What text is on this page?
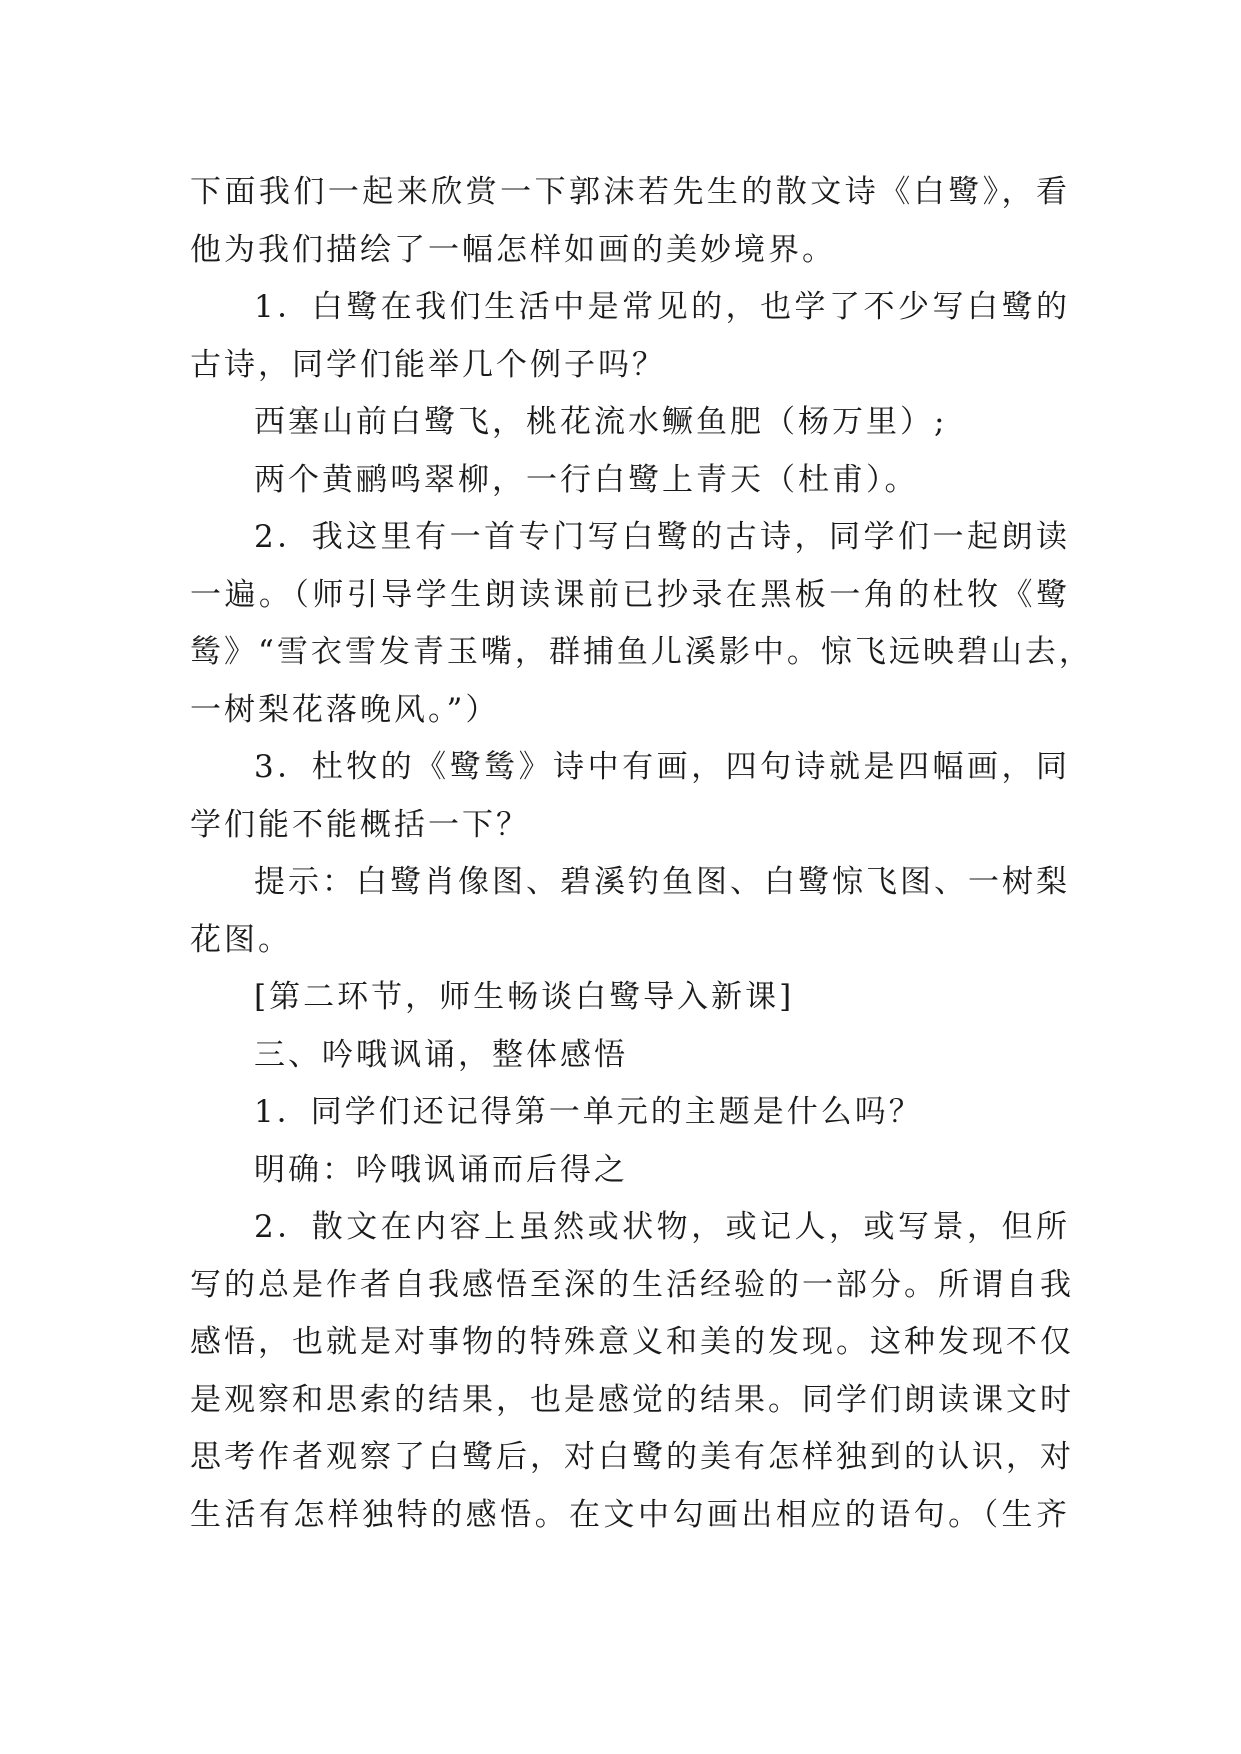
下面我们一起来欣赏一下郭沫若先生的散文诗《白鹭》，看
他为我们描绘了一幅怎样如画的美妙境界。
1．白鹭在我们生活中是常见的，也学了不少写白鹭的
古诗，同学们能举几个例子吗？
西塞山前白鹭飞，桃花流水鳜鱼肥（杨万里）;
两个黄鹂鸣翠柳，一行白鹭上青天（杜甫）。
2．我这里有一首专门写白鹭的古诗，同学们一起朗读
一遍。（师引导学生朗读课前已抄录在黑板一角的杜牧《鹭
鸶》“雪衣雪发青玉嘴，群捕鱼儿溪影中。惊飞远映碧山去，
一树梨花落晚风。”）
3．杜牧的《鹭鸶》诗中有画，四句诗就是四幅画，同
学们能不能概括一下？
提示：白鹭肖像图、碧溪钓鱼图、白鹭惊飞图、一树梨
花图。
[第二环节，师生畅谈白鹭导入新课]
三、吟哦讽诵，整体感悟
1．同学们还记得第一单元的主题是什么吗？
明确：吟哦讽诵而后得之
2．散文在内容上虽然或状物，或记人，或写景，但所
写的总是作者自我感悟至深的生活经验的一部分。所谓自我
感悟，也就是对事物的特殊意义和美的发现。这种发现不仅
是观察和思索的结果，也是感觉的结果。同学们朗读课文时
思考作者观察了白鹭后，对白鹭的美有怎样独到的认识，对
生活有怎样独特的感悟。在文中勾画出相应的语句。（生齐
